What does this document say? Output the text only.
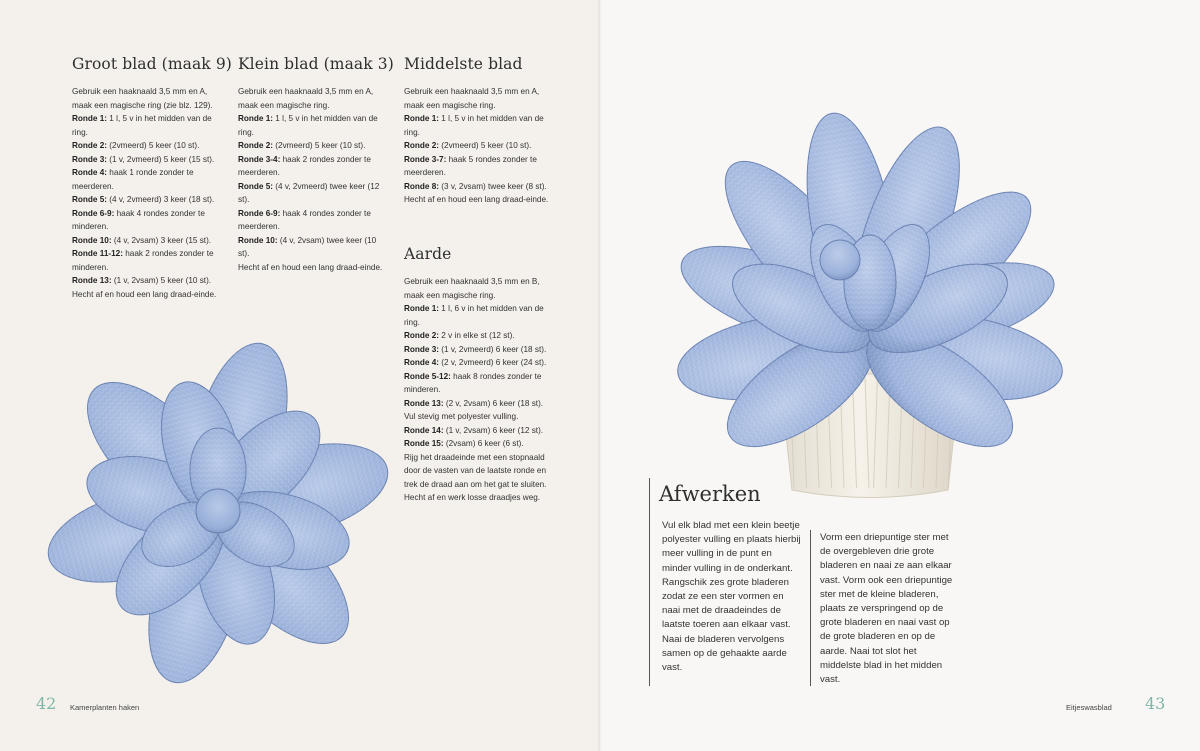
Groot blad (maak 9)

Gebruik een haaknaald 3,5 mm en A, maak een magische ring (zie blz. 129).
Ronde 1: 1 l, 5 v in het midden van de ring.
Ronde 2: (2vmeerd) 5 keer (10 st).
Ronde 3: (1 v, 2vmeerd) 5 keer (15 st).
Ronde 4: haak 1 ronde zonder te meerderen.
Ronde 5: (4 v, 2vmeerd) 3 keer (18 st).
Ronde 6-9: haak 4 rondes zonder te minderen.
Ronde 10: (4 v, 2vsam) 3 keer (15 st).
Ronde 11-12: haak 2 rondes zonder te minderen.
Ronde 13: (1 v, 2vsam) 5 keer (10 st).
Hecht af en houd een lang draad-einde.

Klein blad (maak 3)

Gebruik een haaknaald 3,5 mm en A, maak een magische ring.
Ronde 1: 1 l, 5 v in het midden van de ring.
Ronde 2: (2vmeerd) 5 keer (10 st).
Ronde 3-4: haak 2 rondes zonder te meerderen.
Ronde 5: (4 v, 2vmeerd) twee keer (12 st).
Ronde 6-9: haak 4 rondes zonder te meerderen.
Ronde 10: (4 v, 2vsam) twee keer (10 st).
Hecht af en houd een lang draad-einde.

Middelste blad

Gebruik een haaknaald 3,5 mm en A, maak een magische ring.
Ronde 1: 1 l, 5 v in het midden van de ring.
Ronde 2: (2vmeerd) 5 keer (10 st).
Ronde 3-7: haak 5 rondes zonder te meerderen.
Ronde 8: (3 v, 2vsam) twee keer (8 st).
Hecht af en houd een lang draad-einde.

Aarde

Gebruik een haaknaald 3,5 mm en B, maak een magische ring.
Ronde 1: 1 l, 6 v in het midden van de ring.
Ronde 2: 2 v in elke st (12 st).
Ronde 3: (1 v, 2vmeerd) 6 keer (18 st).
Ronde 4: (2 v, 2vmeerd) 6 keer (24 st).
Ronde 5-12: haak 8 rondes zonder te minderen.
Ronde 13: (2 v, 2vsam) 6 keer (18 st).
Vul stevig met polyester vulling.
Ronde 14: (1 v, 2vsam) 6 keer (12 st).
Ronde 15: (2vsam) 6 keer (6 st).
Rijg het draadeinde met een stopnaald door de vasten van de laatste ronde en trek de draad aan om het gat te sluiten. Hecht af en werk losse draadjes weg.	Afwerken

Vul elk blad met een klein beetje polyester vulling en plaats hierbij meer vulling in de punt en minder vulling in de onderkant. Rangschik zes grote bladeren zodat ze een ster vormen en naai met de draadeindes de laatste toeren aan elkaar vast. Naai de bladeren vervolgens samen op de gehaakte aarde vast.

Vorm een driepuntige ster met de overgebleven drie grote bladeren en naai ze aan elkaar vast. Vorm ook een driepuntige ster met de kleine bladeren, plaats ze verspringend op de grote bladeren en naai vast op de grote bladeren en op de aarde. Naai tot slot het middelste blad in het midden vast.

42 Kamerplanten haken	Eitjeswasblad 43
